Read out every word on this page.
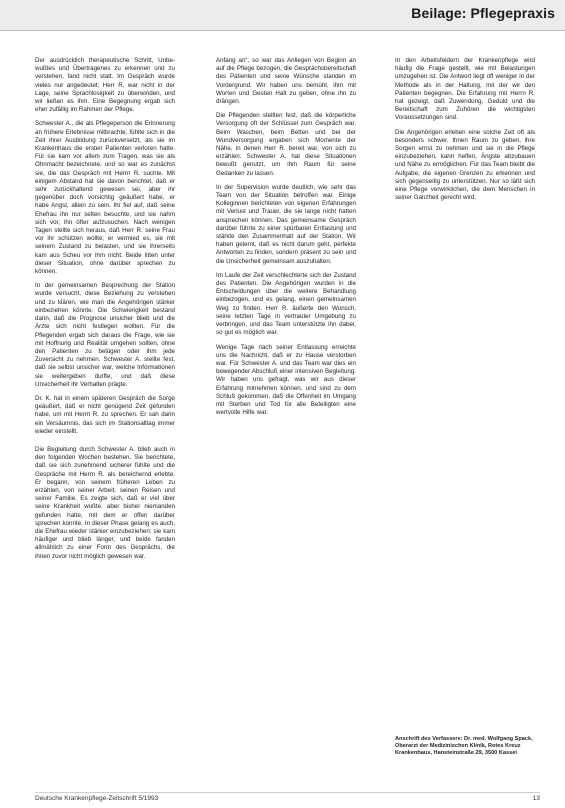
Beilage: Pflegepraxis

Der ausdrücklich therapeutische Schritt, Unbewußtes und Übertragenes zu erkennen und zu verstehen, fand nicht statt. Im Gespräch wurde vieles nur angedeutet; Herr R. war nicht in der Lage, seine Sprachlosigkeit zu überwinden, und wir ließen es ihm. Eine Begegnung ergab sich eher zufällig im Rahmen der Pflege.

Schwester A., die als Pflegeperson die Erinnerung an frühere Erlebnisse mitbrachte, fühlte sich in die Zeit ihrer Ausbildung zurückversetzt, als sie im Krankenhaus die ersten Patienten verloren hatte. Für sie kam vor allem zum Tragen, was sie als Ohnmacht bezeichnete, und so war es zunächst sie, die das Gespräch mit Herrn R. suchte. Mit einigem Abstand hat sie davon berichtet, daß er sehr zurückhaltend gewesen sei, aber ihr gegenüber doch vorsichtig geäußert habe, er habe Angst, allein zu sein. Ihr fiel auf, daß seine Ehefrau ihn nur selten besuchte, und sie nahm sich vor, ihn öfter aufzusuchen. Nach wenigen Tagen stellte sich heraus, daß Herr R. seine Frau vor ihr schützen wollte; er vermied es, sie mit seinem Zustand zu belasten, und sie ihrerseits kam aus Scheu vor ihm nicht. Beide litten unter dieser Situation, ohne darüber sprechen zu können.

In der gemeinsamen Besprechung der Station wurde versucht, diese Beziehung zu verstehen und zu klären, wie man die Angehörigen stärker einbeziehen könnte. Die Schwierigkeit bestand darin, daß die Prognose unsicher blieb und die Ärzte sich nicht festlegen wollten. Für die Pflegenden ergab sich daraus die Frage, wie sie mit Hoffnung und Realität umgehen sollten, ohne den Patienten zu belügen oder ihm jede Zuversicht zu nehmen. Schwester A. stellte fest, daß sie selbst unsicher war, welche Informationen sie weitergeben durfte, und daß diese Unsicherheit ihr Verhalten prägte.

Dr. K. hat in einem späteren Gespräch die Sorge geäußert, daß er nicht genügend Zeit gefunden habe, um mit Herrn R. zu sprechen. Er sah darin ein Versäumnis, das sich im Stationsalltag immer wieder einstellt.

Die Begleitung durch Schwester A. blieb auch in den folgenden Wochen bestehen. Sie berichtete, daß sie sich zunehmend sicherer fühlte und die Gespräche mit Herrn R. als bereichernd erlebte. Er begann, von seinem früheren Leben zu erzählen, von seiner Arbeit, seinen Reisen und seiner Familie. Es zeigte sich, daß er viel über seine Krankheit wußte, aber bisher niemanden gefunden hatte, mit dem er offen darüber sprechen konnte. In dieser Phase gelang es auch, die Ehefrau wieder stärker einzubeziehen; sie kam häufiger und blieb länger, und beide fanden allmählich zu einer Form des Gesprächs, die ihnen zuvor nicht möglich gewesen war.

Anfang an“, so war das Anliegen von Beginn an auf die Pflege bezogen, die Gesprächsbereitschaft des Patienten und seine Wünsche standen im Vordergrund. Wir haben uns bemüht, ihm mit Worten und Gesten Halt zu geben, ohne ihn zu drängen.

Die Pflegenden stellten fest, daß die körperliche Versorgung oft der Schlüssel zum Gespräch war. Beim Waschen, beim Betten und bei der Wundversorgung ergaben sich Momente der Nähe, in denen Herr R. bereit war, von sich zu erzählen. Schwester A. hat diese Situationen bewußt genutzt, um ihm Raum für seine Gedanken zu lassen.

In der Supervision wurde deutlich, wie sehr das Team von der Situation betroffen war. Einige Kolleginnen berichteten von eigenen Erfahrungen mit Verlust und Trauer, die sie lange nicht hatten ansprechen können. Das gemeinsame Gespräch darüber führte zu einer spürbaren Entlastung und stärkte den Zusammenhalt auf der Station. Wir haben gelernt, daß es nicht darum geht, perfekte Antworten zu finden, sondern präsent zu sein und die Unsicherheit gemeinsam auszuhalten.

Im Laufe der Zeit verschlechterte sich der Zustand des Patienten. Die Angehörigen wurden in die Entscheidungen über die weitere Behandlung einbezogen, und es gelang, einen gemeinsamen Weg zu finden. Herr R. äußerte den Wunsch, seine letzten Tage in vertrauter Umgebung zu verbringen, und das Team unterstützte ihn dabei, so gut es möglich war.

Wenige Tage nach seiner Entlassung erreichte uns die Nachricht, daß er zu Hause verstorben war. Für Schwester A. und das Team war dies ein bewegender Abschluß einer intensiven Begleitung. Wir haben uns gefragt, was wir aus dieser Erfahrung mitnehmen können, und sind zu dem Schluß gekommen, daß die Offenheit im Umgang mit Sterben und Tod für alle Beteiligten eine wertvolle Hilfe war.

In den Arbeitsfeldern der Krankenpflege wird häufig die Frage gestellt, wie mit Belastungen umzugehen ist. Die Antwort liegt oft weniger in der Methode als in der Haltung, mit der wir den Patienten begegnen. Die Erfahrung mit Herrn R. hat gezeigt, daß Zuwendung, Geduld und die Bereitschaft zum Zuhören die wichtigsten Voraussetzungen sind.

Die Angehörigen erleben eine solche Zeit oft als besonders schwer. Ihnen Raum zu geben, ihre Sorgen ernst zu nehmen und sie in die Pflege einzubeziehen, kann helfen, Ängste abzubauen und Nähe zu ermöglichen. Für das Team bleibt die Aufgabe, die eigenen Grenzen zu erkennen und sich gegenseitig zu unterstützen. Nur so läßt sich eine Pflege verwirklichen, die dem Menschen in seiner Ganzheit gerecht wird.

Anschrift des Verfassers: Dr. med. Wolfgang Spack, Oberarzt der Medizinischen Klinik, Rotes Kreuz Krankenhaus, Hansteinstraße 29, 3500 Kassel
Deutsche Krankenpflege-Zeitschrift 5/1993	13
